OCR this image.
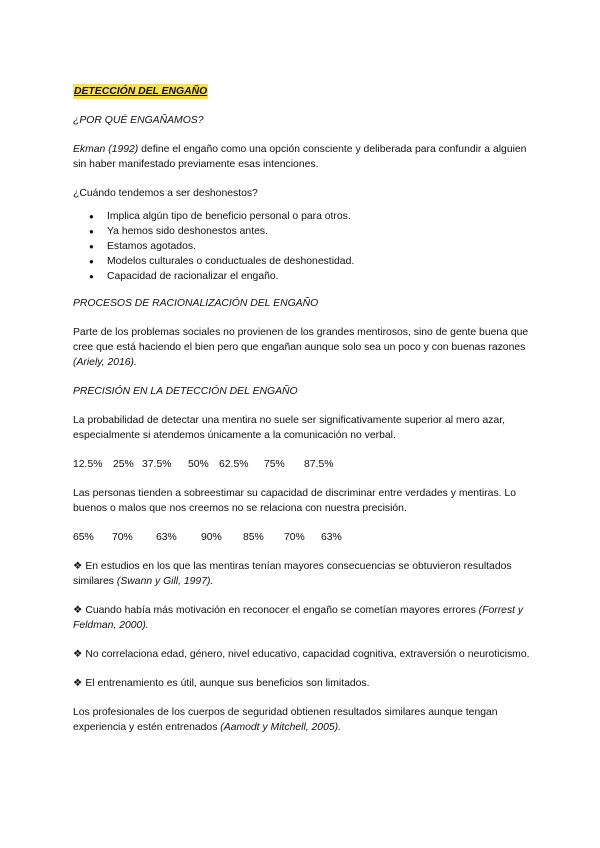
DETECCIÓN DEL ENGAÑO
¿POR QUÉ ENGAÑAMOS?

Ekman (1992) define el engaño como una opción consciente y deliberada para confundir a alguien sin haber manifestado previamente esas intenciones.

¿Cuándo tendemos a ser deshonestos?

● Implica algún tipo de beneficio personal o para otros.
● Ya hemos sido deshonestos antes.
● Estamos agotados.
● Modelos culturales o conductuales de deshonestidad.
● Capacidad de racionalizar el engaño.
PROCESOS DE RACIONALIZACIÓN DEL ENGAÑO

Parte de los problemas sociales no provienen de los grandes mentirosos, sino de gente buena que cree que está haciendo el bien pero que engañan aunque solo sea un poco y con buenas razones (Ariely, 2016).

PRECISIÓN EN LA DETECCIÓN DEL ENGAÑO

La probabilidad de detectar una mentira no suele ser significativamente superior al mero azar, especialmente si atendemos únicamente a la comunicación no verbal.

12.5%	25% 37.5%	50% 62.5%	75%	87.5%

Las personas tienden a sobreestimar su capacidad de discriminar entre verdades y mentiras. Lo buenos o malos que nos creemos no se relaciona con nuestra precisión.

65%	70%	63%	90%	85%	70%	63%

❖ En estudios en los que las mentiras tenían mayores consecuencias se obtuvieron resultados similares (Swann y Gill, 1997).

❖ Cuando había más motivación en reconocer el engaño se cometían mayores errores (Forrest y Feldman, 2000).

❖ No correlaciona edad, género, nivel educativo, capacidad cognitiva, extraversión o neuroticismo.

❖ El entrenamiento es útil, aunque sus beneficios son limitados.

Los profesionales de los cuerpos de seguridad obtienen resultados similares aunque tengan experiencia y estén entrenados (Aamodt y Mitchell, 2005).
